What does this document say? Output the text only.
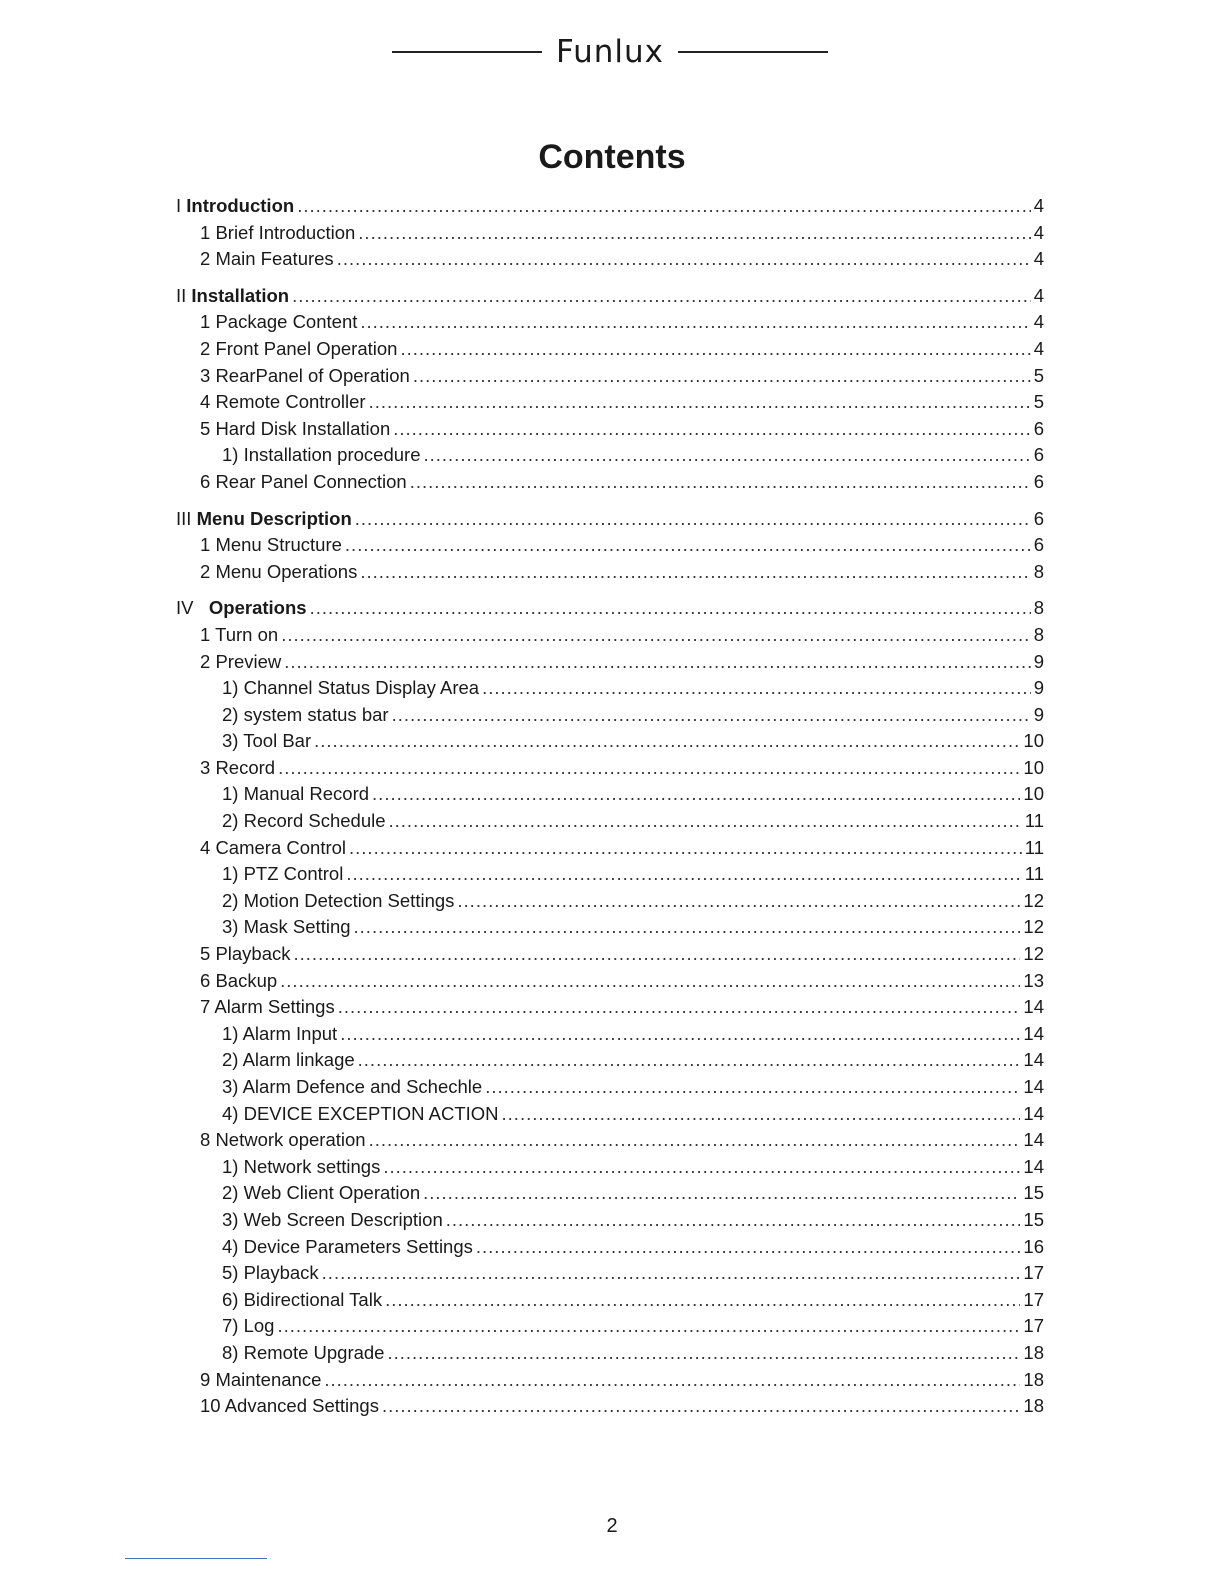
Funlux
Contents
I Introduction .....	4
1 Brief Introduction .....	4
2 Main Features .....	4
II Installation .....	4
1 Package Content .....	4
2 Front Panel Operation .....	4
3 RearPanel of Operation .....	5
4 Remote Controller .....	5
5 Hard Disk Installation .....	6
1) Installation procedure .....	6
6 Rear Panel Connection .....	6
III Menu Description .....	6
1 Menu Structure .....	6
2 Menu Operations .....	8
IV Operations .....	8
1 Turn on .....	8
2 Preview .....	9
1) Channel Status Display Area .....	9
2) system status bar .....	9
3) Tool Bar .....	10
3 Record .....	10
1) Manual Record .....	10
2) Record Schedule .....	11
4 Camera Control .....	11
1) PTZ Control .....	11
2) Motion Detection Settings .....	12
3) Mask Setting .....	12
5 Playback .....	12
6 Backup .....	13
7 Alarm Settings .....	14
1) Alarm Input .....	14
2) Alarm linkage .....	14
3) Alarm Defence and Schechle .....	14
4) DEVICE EXCEPTION ACTION .....	14
8 Network operation .....	14
1) Network settings .....	14
2) Web Client Operation .....	15
3) Web Screen Description .....	15
4) Device Parameters Settings .....	16
5) Playback .....	17
6) Bidirectional Talk .....	17
7) Log .....	17
8) Remote Upgrade .....	18
9 Maintenance .....	18
10 Advanced Settings .....	18
2
